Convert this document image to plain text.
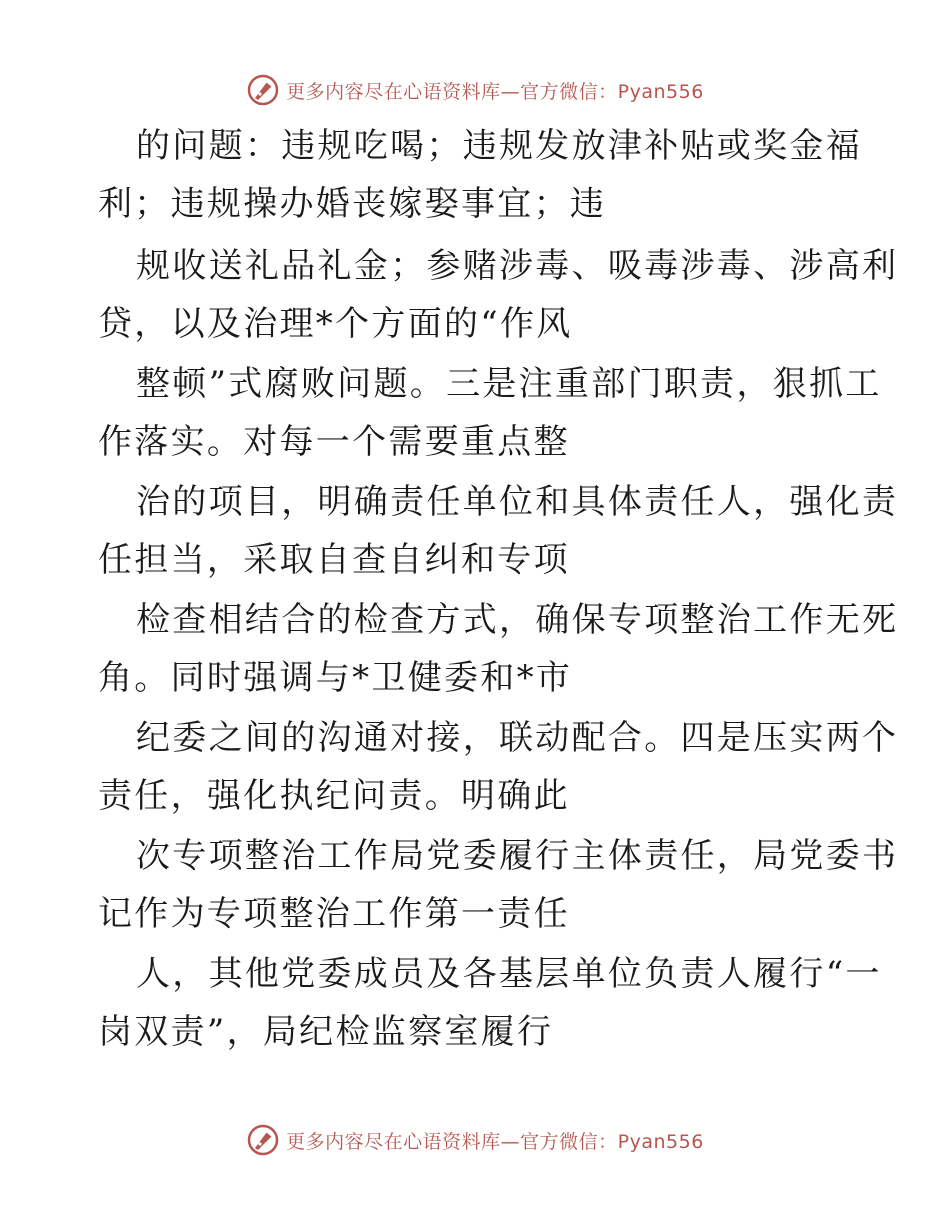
更多内容尽在心语资料库—官方微信：Pyan556
的问题：违规吃喝；违规发放津补贴或奖金福
利；违规操办婚丧嫁娶事宜；违
规收送礼品礼金；参赌涉毒、吸毒涉毒、涉高利
贷，以及治理*个方面的“作风
整顿”式腐败问题。三是注重部门职责，狠抓工
作落实。对每一个需要重点整
治的项目，明确责任单位和具体责任人，强化责
任担当，采取自查自纠和专项
检查相结合的检查方式，确保专项整治工作无死
角。同时强调与*卫健委和*市
纪委之间的沟通对接，联动配合。四是压实两个
责任，强化执纪问责。明确此
次专项整治工作局党委履行主体责任，局党委书
记作为专项整治工作第一责任
人，其他党委成员及各基层单位负责人履行“一
岗双责”，局纪检监察室履行
更多内容尽在心语资料库—官方微信：Pyan556
